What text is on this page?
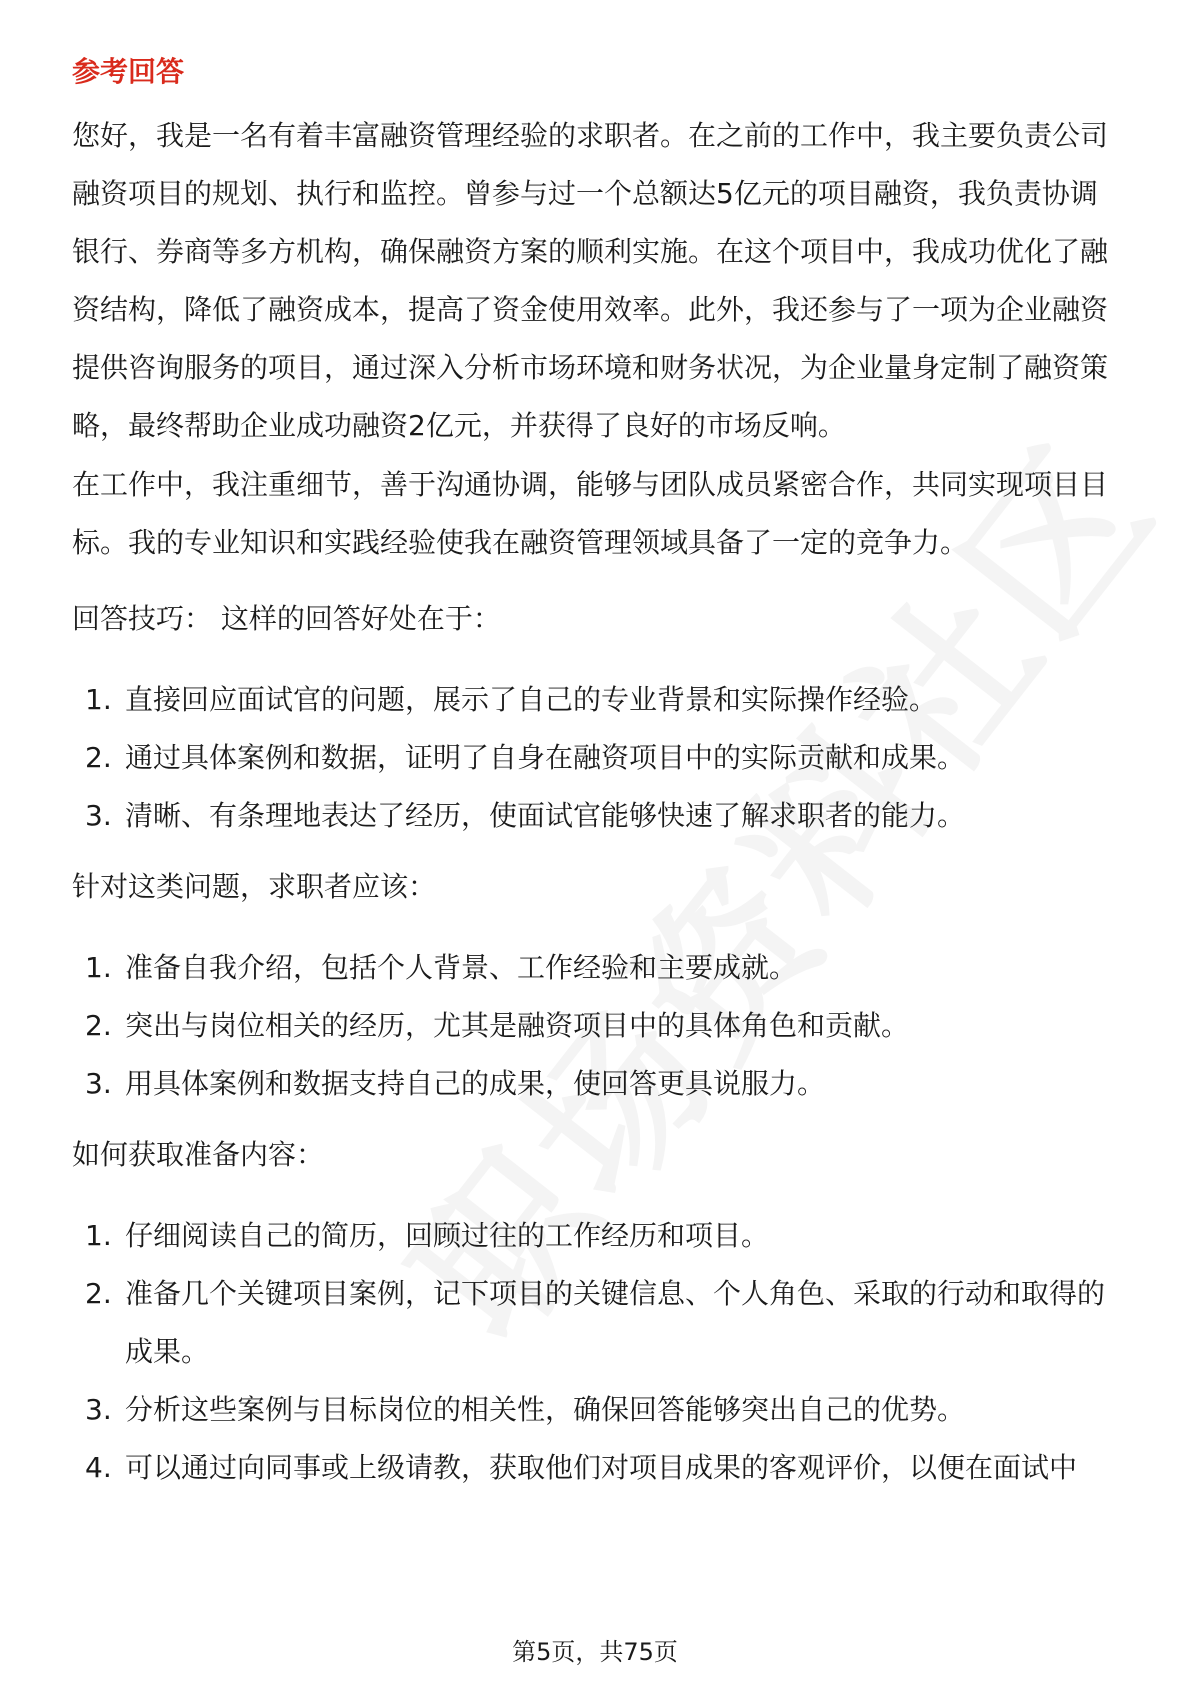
参考回答

您好，我是一名有着丰富融资管理经验的求职者。在之前的工作中，我主要负责公司融资项目的规划、执行和监控。曾参与过一个总额达5亿元的项目融资，我负责协调银行、券商等多方机构，确保融资方案的顺利实施。在这个项目中，我成功优化了融资结构，降低了融资成本，提高了资金使用效率。此外，我还参与了一项为企业融资提供咨询服务的项目，通过深入分析市场环境和财务状况，为企业量身定制了融资策略，最终帮助企业成功融资2亿元，并获得了良好的市场反响。

在工作中，我注重细节，善于沟通协调，能够与团队成员紧密合作，共同实现项目目标。我的专业知识和实践经验使我在融资管理领域具备了一定的竞争力。

回答技巧： 这样的回答好处在于：
1. 直接回应面试官的问题，展示了自己的专业背景和实际操作经验。
2. 通过具体案例和数据，证明了自身在融资项目中的实际贡献和成果。
3. 清晰、有条理地表达了经历，使面试官能够快速了解求职者的能力。
针对这类问题，求职者应该：
1. 准备自我介绍，包括个人背景、工作经验和主要成就。
2. 突出与岗位相关的经历，尤其是融资项目中的具体角色和贡献。
3. 用具体案例和数据支持自己的成果，使回答更具说服力。
如何获取准备内容：
1. 仔细阅读自己的简历，回顾过往的工作经历和项目。
2. 准备几个关键项目案例，记下项目的关键信息、个人角色、采取的行动和取得的成果。
3. 分析这些案例与目标岗位的相关性，确保回答能够突出自己的优势。
4. 可以通过向同事或上级请教，获取他们对项目成果的客观评价，以便在面试中
第5页，共75页
